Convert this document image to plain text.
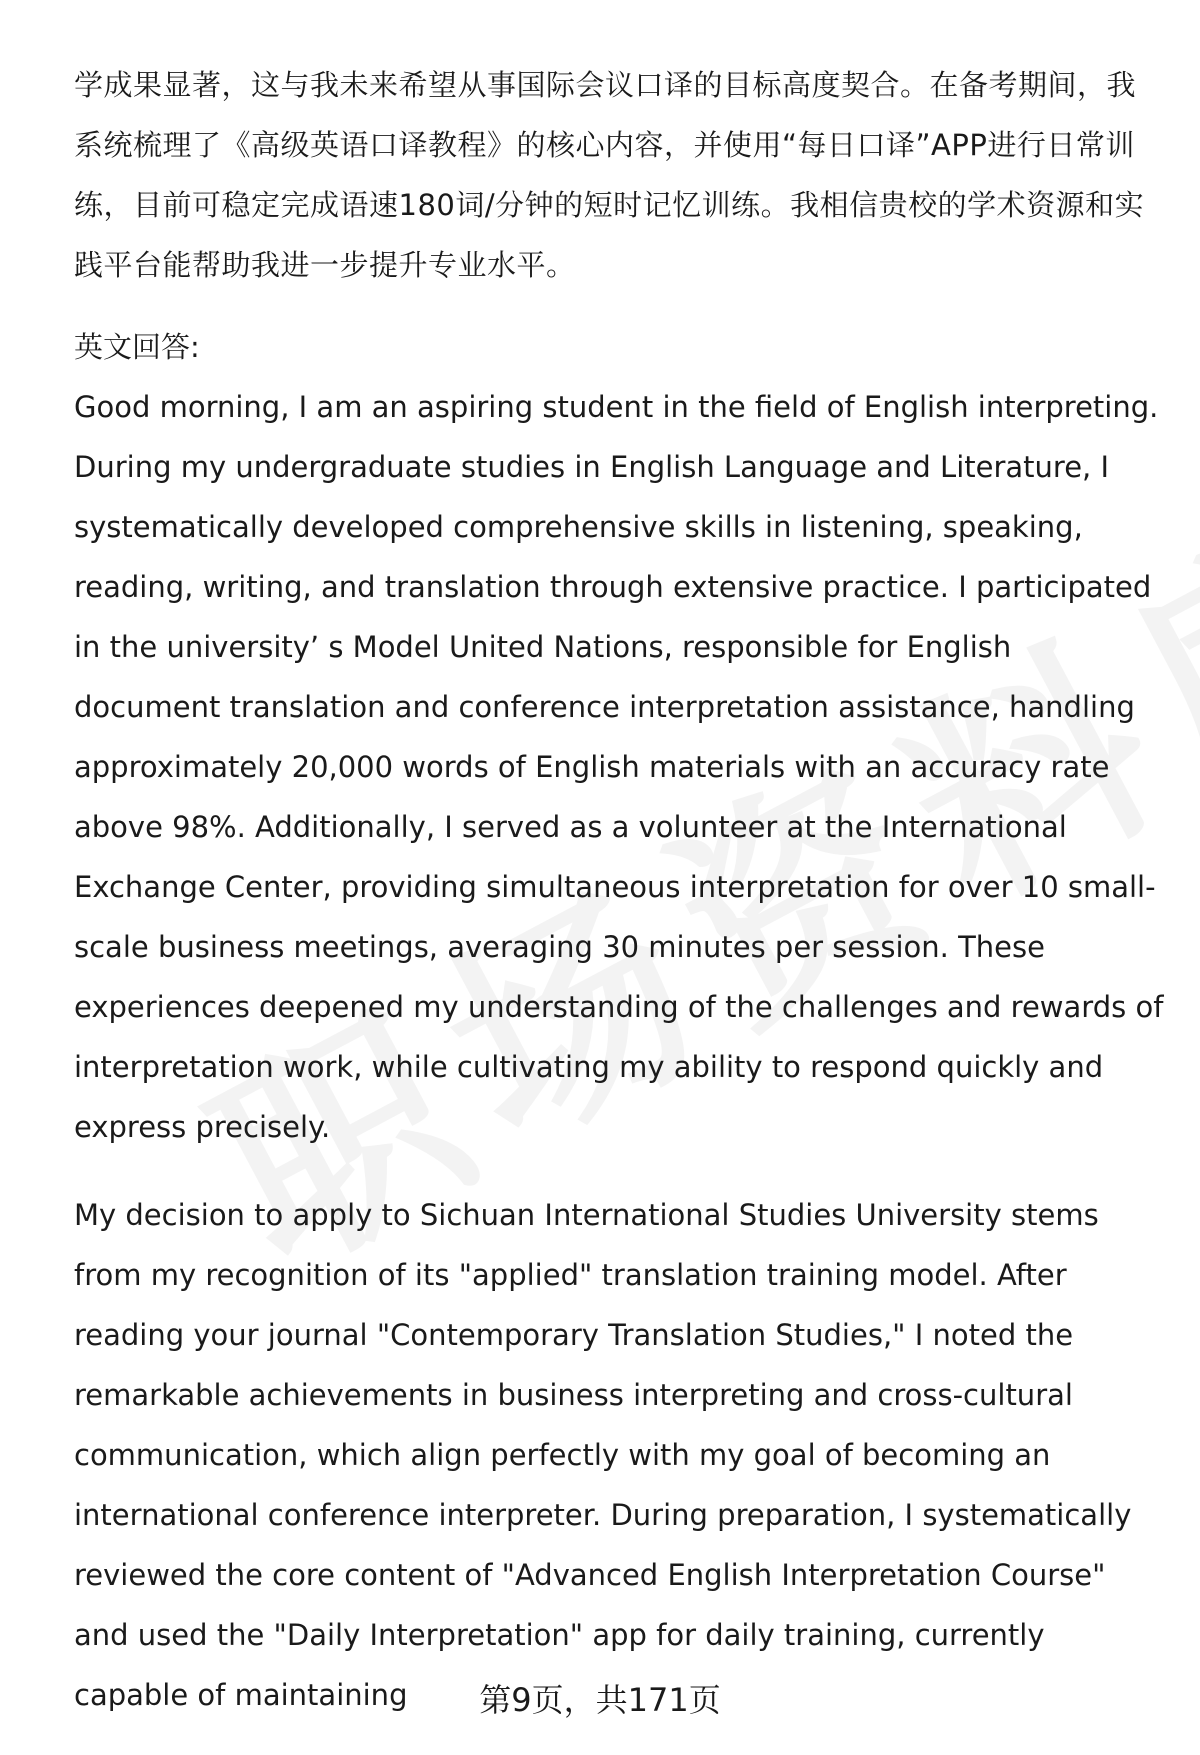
学成果显著，这与我未来希望从事国际会议口译的目标高度契合。在备考期间，我系统梳理了《高级英语口译教程》的核心内容，并使用“每日口译”APP进行日常训练，目前可稳定完成语速180词/分钟的短时记忆训练。我相信贵校的学术资源和实践平台能帮助我进一步提升专业水平。

英文回答:

Good morning, I am an aspiring student in the field of English interpreting. During my undergraduate studies in English Language and Literature, I systematically developed comprehensive skills in listening, speaking, reading, writing, and translation through extensive practice. I participated in the university’ s Model United Nations, responsible for English document translation and conference interpretation assistance, handling approximately 20,000 words of English materials with an accuracy rate above 98%. Additionally, I served as a volunteer at the International Exchange Center, providing simultaneous interpretation for over 10 small-scale business meetings, averaging 30 minutes per session. These experiences deepened my understanding of the challenges and rewards of interpretation work, while cultivating my ability to respond quickly and express precisely.

My decision to apply to Sichuan International Studies University stems from my recognition of its "applied" translation training model. After reading your journal "Contemporary Translation Studies," I noted the remarkable achievements in business interpreting and cross-cultural communication, which align perfectly with my goal of becoming an international conference interpreter. During preparation, I systematically reviewed the core content of "Advanced English Interpretation Course" and used the "Daily Interpretation" app for daily training, currently capable of maintaining	第9页，共171页
